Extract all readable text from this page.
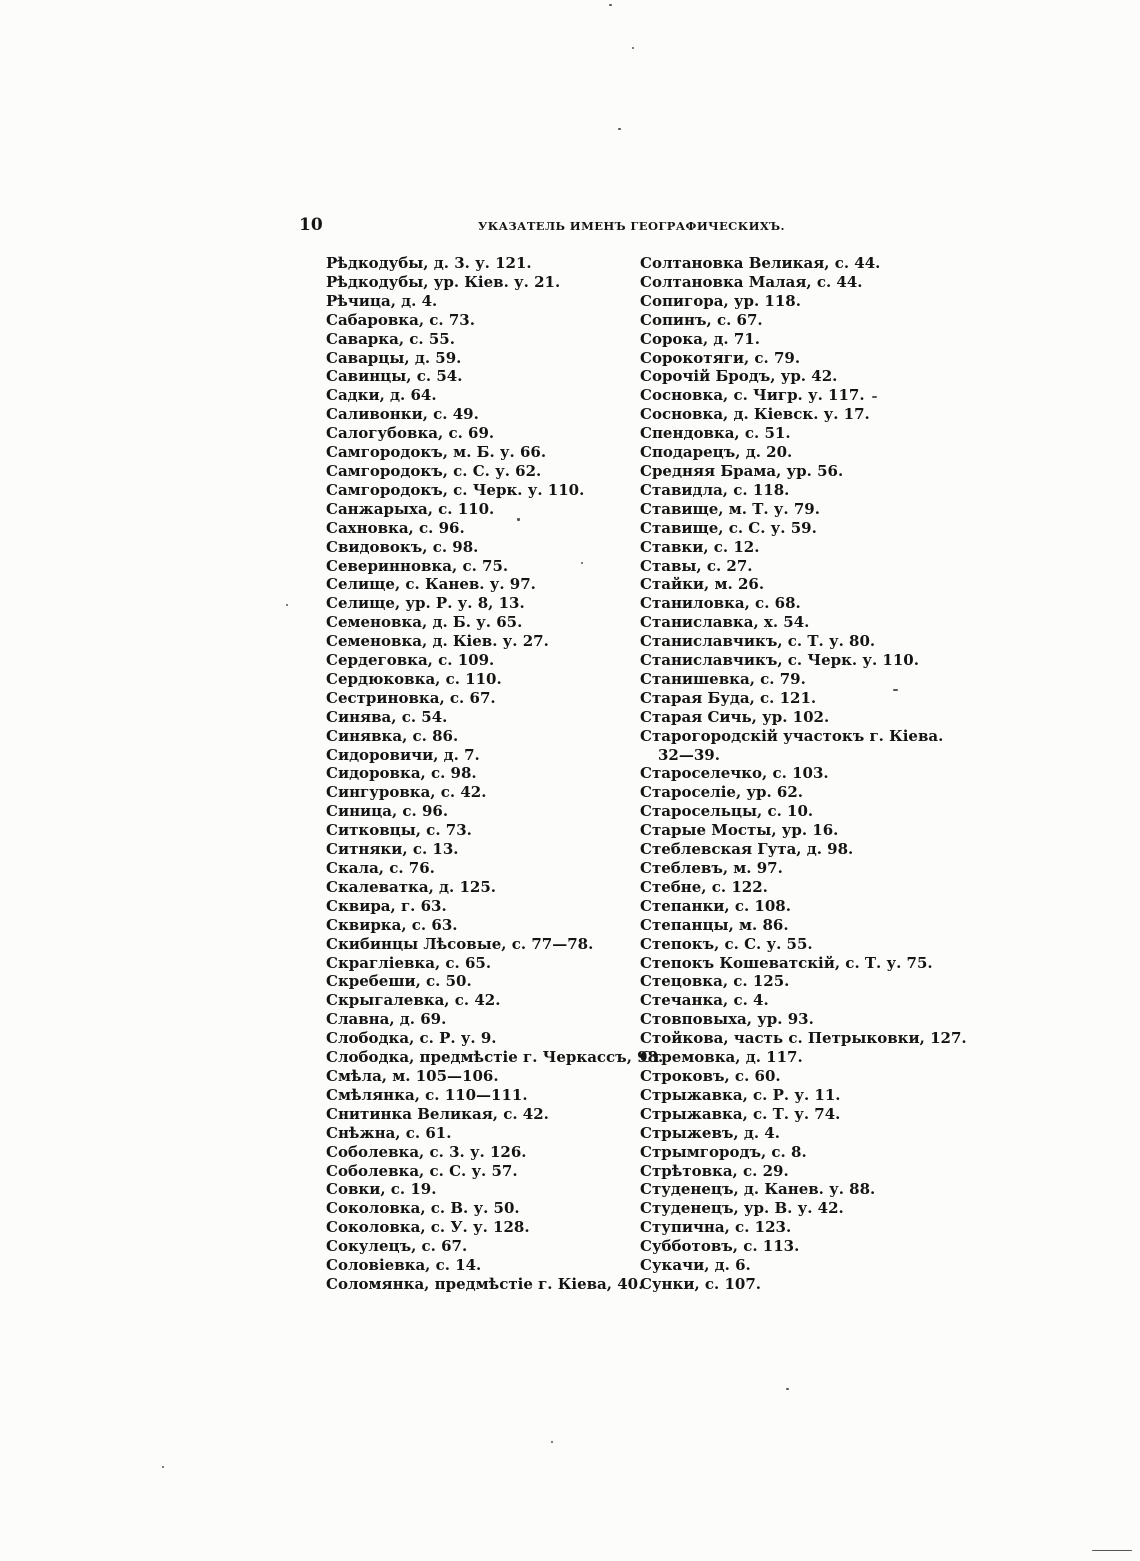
10	УКАЗАТЕЛЬ ИМЕНЪ ГЕОГРАФИЧЕСКИХЪ.
Рѣдкодубы, д. 3. у. 121.
Рѣдкодубы, ур. Кіев. у. 21.
Рѣчица, д. 4.
Сабаровка, с. 73.
Саварка, с. 55.
Саварцы, д. 59.
Савинцы, с. 54.
Садки, д. 64.
Саливонки, с. 49.
Салогубовка, с. 69.
Самгородокъ, м. Б. у. 66.
Самгородокъ, с. С. у. 62.
Самгородокъ, с. Черк. у. 110.
Санжарыха, с. 110.
Сахновка, с. 96.
Свидовокъ, с. 98.
Северинновка, с. 75.
Селище, с. Канев. у. 97.
Селище, ур. Р. у. 8, 13.
Семеновка, д. Б. у. 65.
Семеновка, д. Кіев. у. 27.
Сердеговка, с. 109.
Сердюковка, с. 110.
Сестриновка, с. 67.
Синява, с. 54.
Синявка, с. 86.
Сидоровичи, д. 7.
Сидоровка, с. 98.
Сингуровка, с. 42.
Синица, с. 96.
Ситковцы, с. 73.
Ситняки, с. 13.
Скала, с. 76.
Скалеватка, д. 125.
Сквира, г. 63.
Сквирка, с. 63.
Скибинцы Лѣсовые, с. 77—78.
Скрагліевка, с. 65.
Скребеши, с. 50.
Скрыгалевка, с. 42.
Славна, д. 69.
Слободка, с. Р. у. 9.
Слободка, предмѣстіе г. Черкассъ, 98.
Смѣла, м. 105—106.
Смѣлянка, с. 110—111.
Снитинка Великая, с. 42.
Снѣжна, с. 61.
Соболевка, с. 3. у. 126.
Соболевка, с. С. у. 57.
Совки, с. 19.
Соколовка, с. В. у. 50.
Соколовка, с. У. у. 128.
Сокулецъ, с. 67.
Соловіевка, с. 14.
Соломянка, предмѣстіе г. Кіева, 40.
Солтановка Великая, с. 44.
Солтановка Малая, с. 44.
Сопигора, ур. 118.
Сопинъ, с. 67.
Сорока, д. 71.
Сорокотяги, с. 79.
Сорочій Бродъ, ур. 42.
Сосновка, с. Чигр. у. 117.
Сосновка, д. Кіевск. у. 17.
Спендовка, с. 51.
Сподарецъ, д. 20.
Средняя Брама, ур. 56.
Ставидла, с. 118.
Ставище, м. Т. у. 79.
Ставище, с. С. у. 59.
Ставки, с. 12.
Ставы, с. 27.
Стайки, м. 26.
Станиловка, с. 68.
Станиславка, х. 54.
Станиславчикъ, с. Т. у. 80.
Станиславчикъ, с. Черк. у. 110.
Станишевка, с. 79.
Старая Буда, с. 121.
Старая Сичь, ур. 102.
Старогородскій участокъ г. Кіева.
32—39.
Староселечко, с. 103.
Староселіе, ур. 62.
Старосельцы, с. 10.
Старые Мосты, ур. 16.
Стеблевская Гута, д. 98.
Стеблевъ, м. 97.
Стебне, с. 122.
Степанки, с. 108.
Степанцы, м. 86.
Степокъ, с. С. у. 55.
Степокъ Кошеватскій, с. Т. у. 75.
Стецовка, с. 125.
Стечанка, с. 4.
Стовповыха, ур. 93.
Стойкова, часть с. Петрыковки, 127.
Стремовка, д. 117.
Строковъ, с. 60.
Стрыжавка, с. Р. у. 11.
Стрыжавка, с. Т. у. 74.
Стрыжевъ, д. 4.
Стрымгородъ, с. 8.
Стрѣтовка, с. 29.
Студенецъ, д. Канев. у. 88.
Студенецъ, ур. В. у. 42.
Ступична, с. 123.
Субботовъ, с. 113.
Сукачи, д. 6.
Сунки, с. 107.
